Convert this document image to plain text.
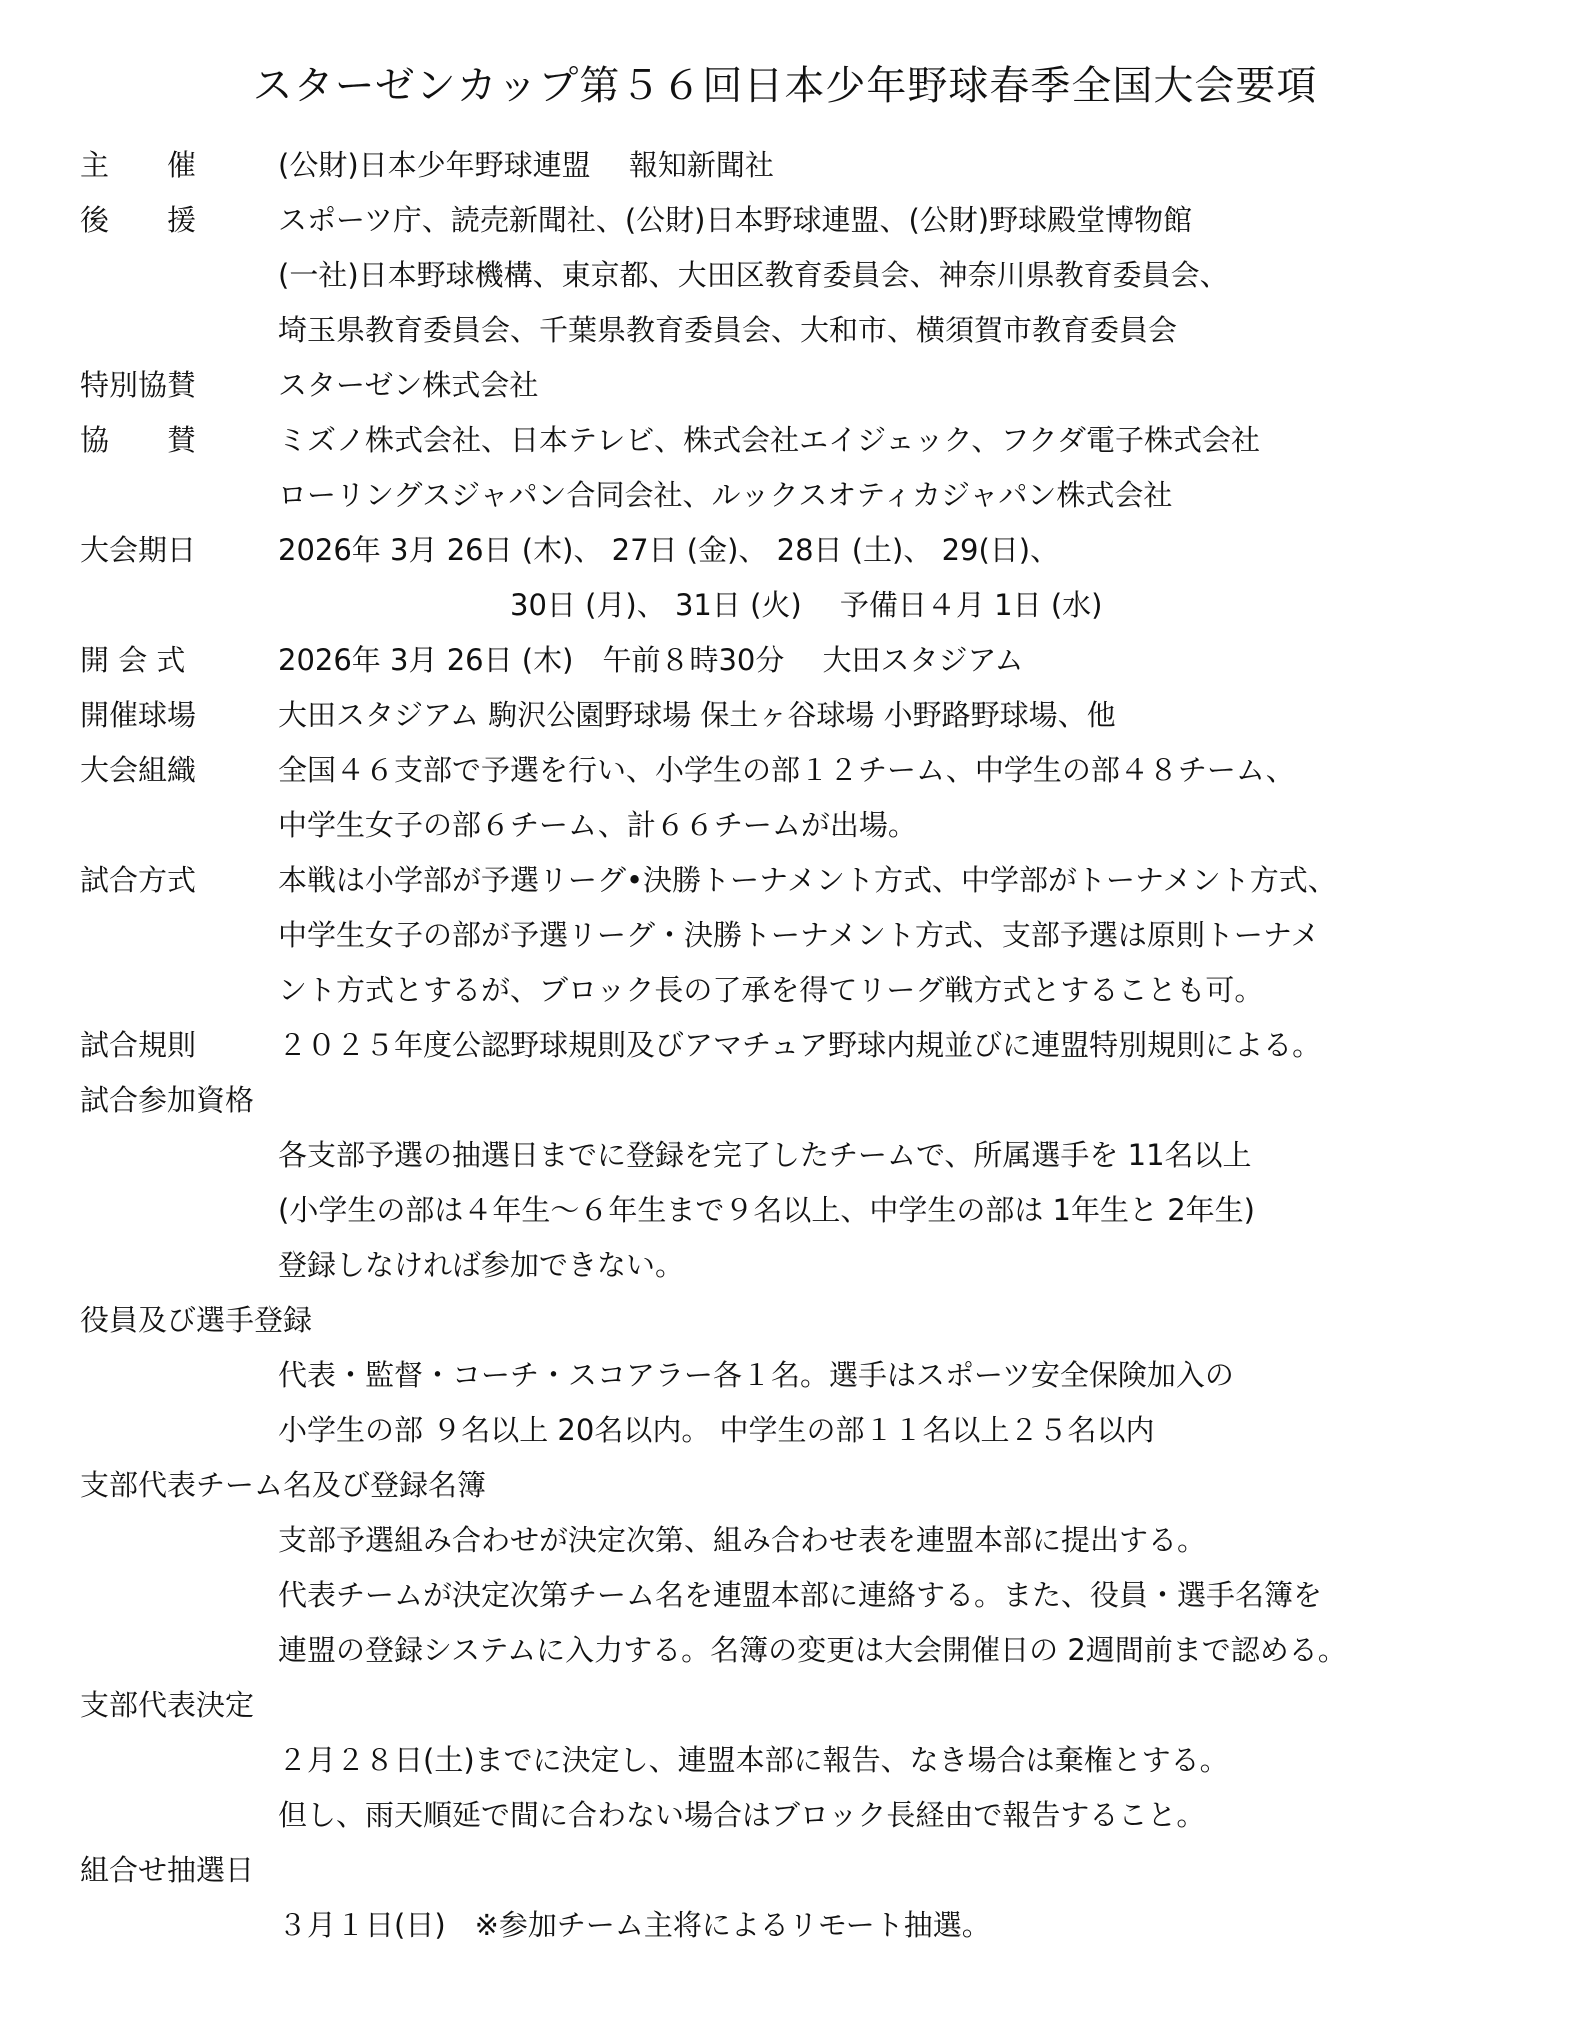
スターゼンカップ第５６回日本少年野球春季全国大会要項
主　　催	(公財)日本少年野球連盟　 報知新聞社
後　　援	スポーツ庁、読売新聞社、(公財)日本野球連盟、(公財)野球殿堂博物館
(一社)日本野球機構、東京都、大田区教育委員会、神奈川県教育委員会、
埼玉県教育委員会、千葉県教育委員会、大和市、横須賀市教育委員会
特別協賛	スターゼン株式会社
協　　賛	ミズノ株式会社、日本テレビ、株式会社エイジェック、フクダ電子株式会社
ローリングスジャパン合同会社、ルックスオティカジャパン株式会社
大会期日	2026年 3月 26日 (木)、 27日 (金)、 28日 (土)、 29(日)、
30日 (月)、 31日 (火)　 予備日４月 1日 (水)
開 会 式	2026年 3月 26日 (木)　午前８時30分　 大田スタジアム
開催球場	大田スタジアム 駒沢公園野球場 保土ヶ谷球場 小野路野球場、他
大会組織	全国４６支部で予選を行い、小学生の部１２チーム、中学生の部４８チーム、
中学生女子の部６チーム、計６６チームが出場。
試合方式	本戦は小学部が予選リーグ•決勝トーナメント方式、中学部がトーナメント方式、
中学生女子の部が予選リーグ・決勝トーナメント方式、支部予選は原則トーナメ
ント方式とするが、ブロック長の了承を得てリーグ戦方式とすることも可。
試合規則	２０２５年度公認野球規則及びアマチュア野球内規並びに連盟特別規則による。
試合参加資格
各支部予選の抽選日までに登録を完了したチームで、所属選手を 11名以上
(小学生の部は４年生～６年生まで９名以上、中学生の部は 1年生と 2年生)
登録しなければ参加できない。
役員及び選手登録
代表・監督・コーチ・スコアラー各１名。選手はスポーツ安全保険加入の
小学生の部 ９名以上 20名以内。 中学生の部１１名以上２５名以内
支部代表チーム名及び登録名簿
支部予選組み合わせが決定次第、組み合わせ表を連盟本部に提出する。
代表チームが決定次第チーム名を連盟本部に連絡する。また、役員・選手名簿を
連盟の登録システムに入力する。名簿の変更は大会開催日の 2週間前まで認める。
支部代表決定
２月２８日(土)までに決定し、連盟本部に報告、なき場合は棄権とする。
但し、雨天順延で間に合わない場合はブロック長経由で報告すること。
組合せ抽選日
３月１日(日)　※参加チーム主将によるリモート抽選。
